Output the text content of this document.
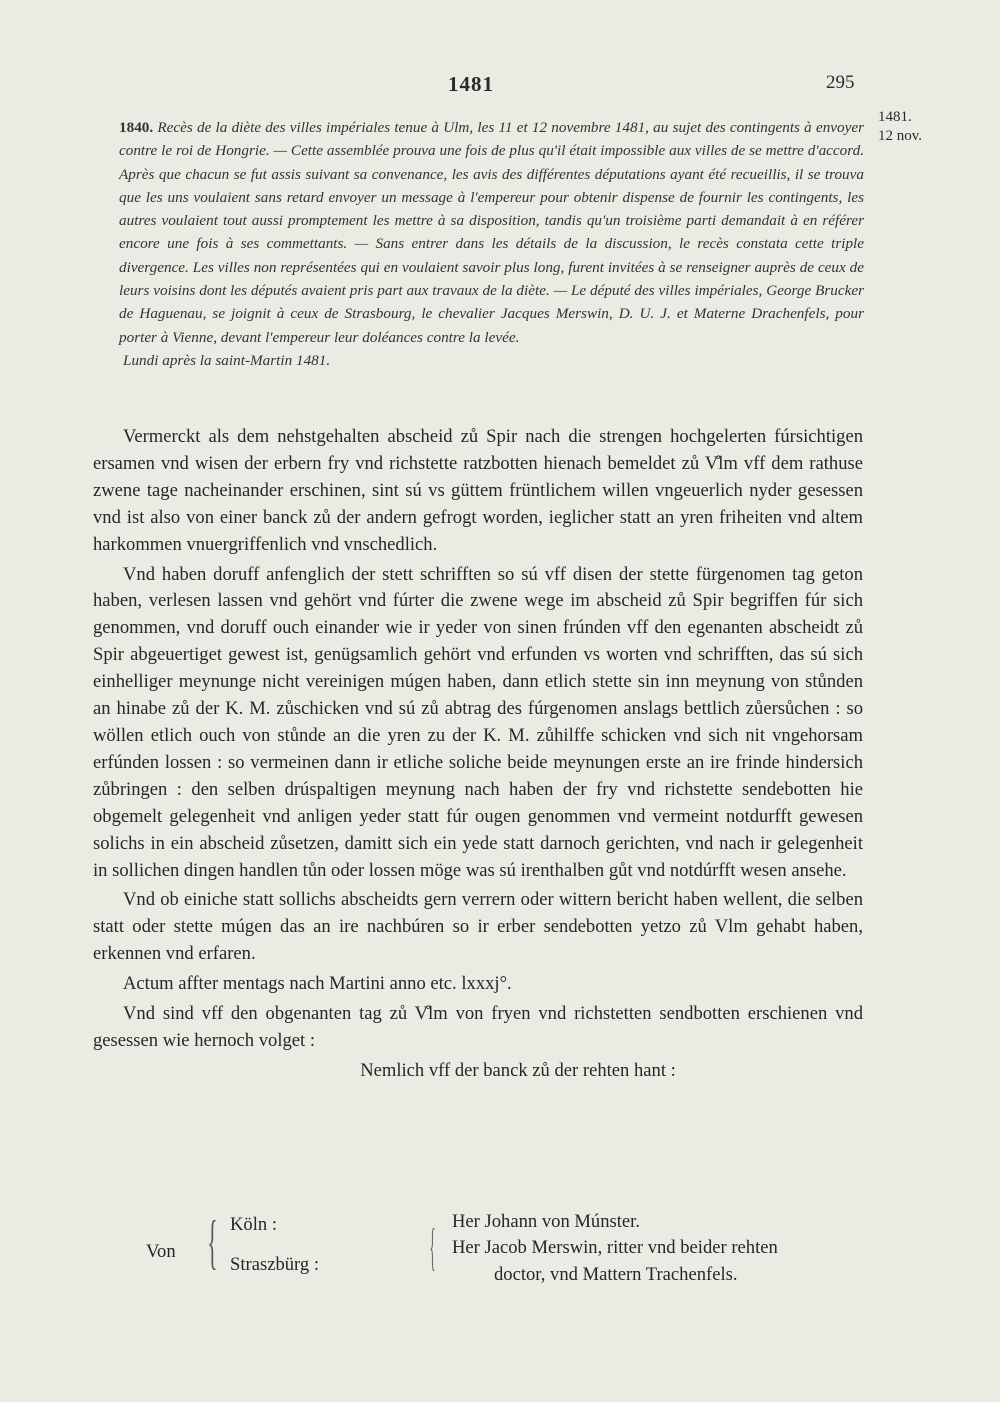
1481	295
1481.
12 nov.

1840. Recès de la diète des villes impériales tenue à Ulm, les 11 et 12 novembre 1481, au sujet des contingents à envoyer contre le roi de Hongrie. — Cette assemblée prouva une fois de plus qu'il était impossible aux villes de se mettre d'accord. Après que chacun se fut assis suivant sa convenance, les avis des différentes députations ayant été recueillis, il se trouva que les uns voulaient sans retard envoyer un message à l'empereur pour obtenir dispense de fournir les contingents, les autres voulaient tout aussi promptement les mettre à sa disposition, tandis qu'un troisième parti demandait à en référer encore une fois à ses commettants. — Sans entrer dans les détails de la discussion, le recès constata cette triple divergence. Les villes non représentées qui en voulaient savoir plus long, furent invitées à se renseigner auprès de ceux de leurs voisins dont les députés avaient pris part aux travaux de la diète. — Le député des villes impériales, George Brucker de Haguenau, se joignit à ceux de Strasbourg, le chevalier Jacques Merswin, D. U. J. et Materne Drachenfels, pour porter à Vienne, devant l'empereur leur doléances contre la levée.

Lundi après la saint-Martin 1481.

Vermerckt als dem nehstgehalten abscheid zů Spir nach die strengen hochgelerten fúrsichtigen ersamen vnd wisen der erbern fry vnd richstette ratzbotten hienach bemeldet zů V̊lm vff dem rathuse zwene tage nacheinander erschinen, sint sú vs güttem früntlichem willen vngeuerlich nyder gesessen vnd ist also von einer banck zů der andern gefrogt worden, ieglicher statt an yren friheiten vnd altem harkommen vnuergriffenlich vnd vnschedlich.

Vnd haben doruff anfenglich der stett schrifften so sú vff disen der stette fürgenomen tag geton haben, verlesen lassen vnd gehört vnd fúrter die zwene wege im abscheid zů Spir begriffen fúr sich genommen, vnd doruff ouch einander wie ir yeder von sinen frúnden vff den egenanten abscheidt zů Spir abgeuertiget gewest ist, genügsamlich gehört vnd erfunden vs worten vnd schrifften, das sú sich einhelliger meynunge nicht vereinigen múgen haben, dann etlich stette sin inn meynung von stůnden an hinabe zů der K. M. zůschicken vnd sú zů abtrag des fúrgenomen anslags bettlich zůersůchen : so wöllen etlich ouch von stůnde an die yren zu der K. M. zůhilffe schicken vnd sich nit vngehorsam erfúnden lossen : so vermeinen dann ir etliche soliche beide meynungen erste an ire frinde hindersich zůbringen : den selben drúspaltigen meynung nach haben der fry vnd richstette sendebotten hie obgemelt gelegenheit vnd anligen yeder statt fúr ougen genommen vnd vermeint notdurfft gewesen solichs in ein abscheid zůsetzen, damitt sich ein yede statt darnoch gerichten, vnd nach ir gelegenheit in sollichen dingen handlen tůn oder lossen möge was sú irenthalben gůt vnd notdúrfft wesen ansehe.

Vnd ob einiche statt sollichs abscheidts gern verrern oder wittern bericht haben wellent, die selben statt oder stette múgen das an ire nachbúren so ir erber sendebotten yetzo zů Vlm gehabt haben, erkennen vnd erfaren.

Actum affter mentags nach Martini anno etc. lxxxj°.

Vnd sind vff den obgenanten tag zů V̊lm von fryen vnd richstetten sendbotten erschienen vnd gesessen wie hernoch volget :

Nemlich vff der banck zů der rehten hant :

Von { Köln :
Straszbürg : { Her Johann von Múnster.
Her Jacob Merswin, ritter vnd beider rehten
doctor, vnd Mattern Trachenfels.
